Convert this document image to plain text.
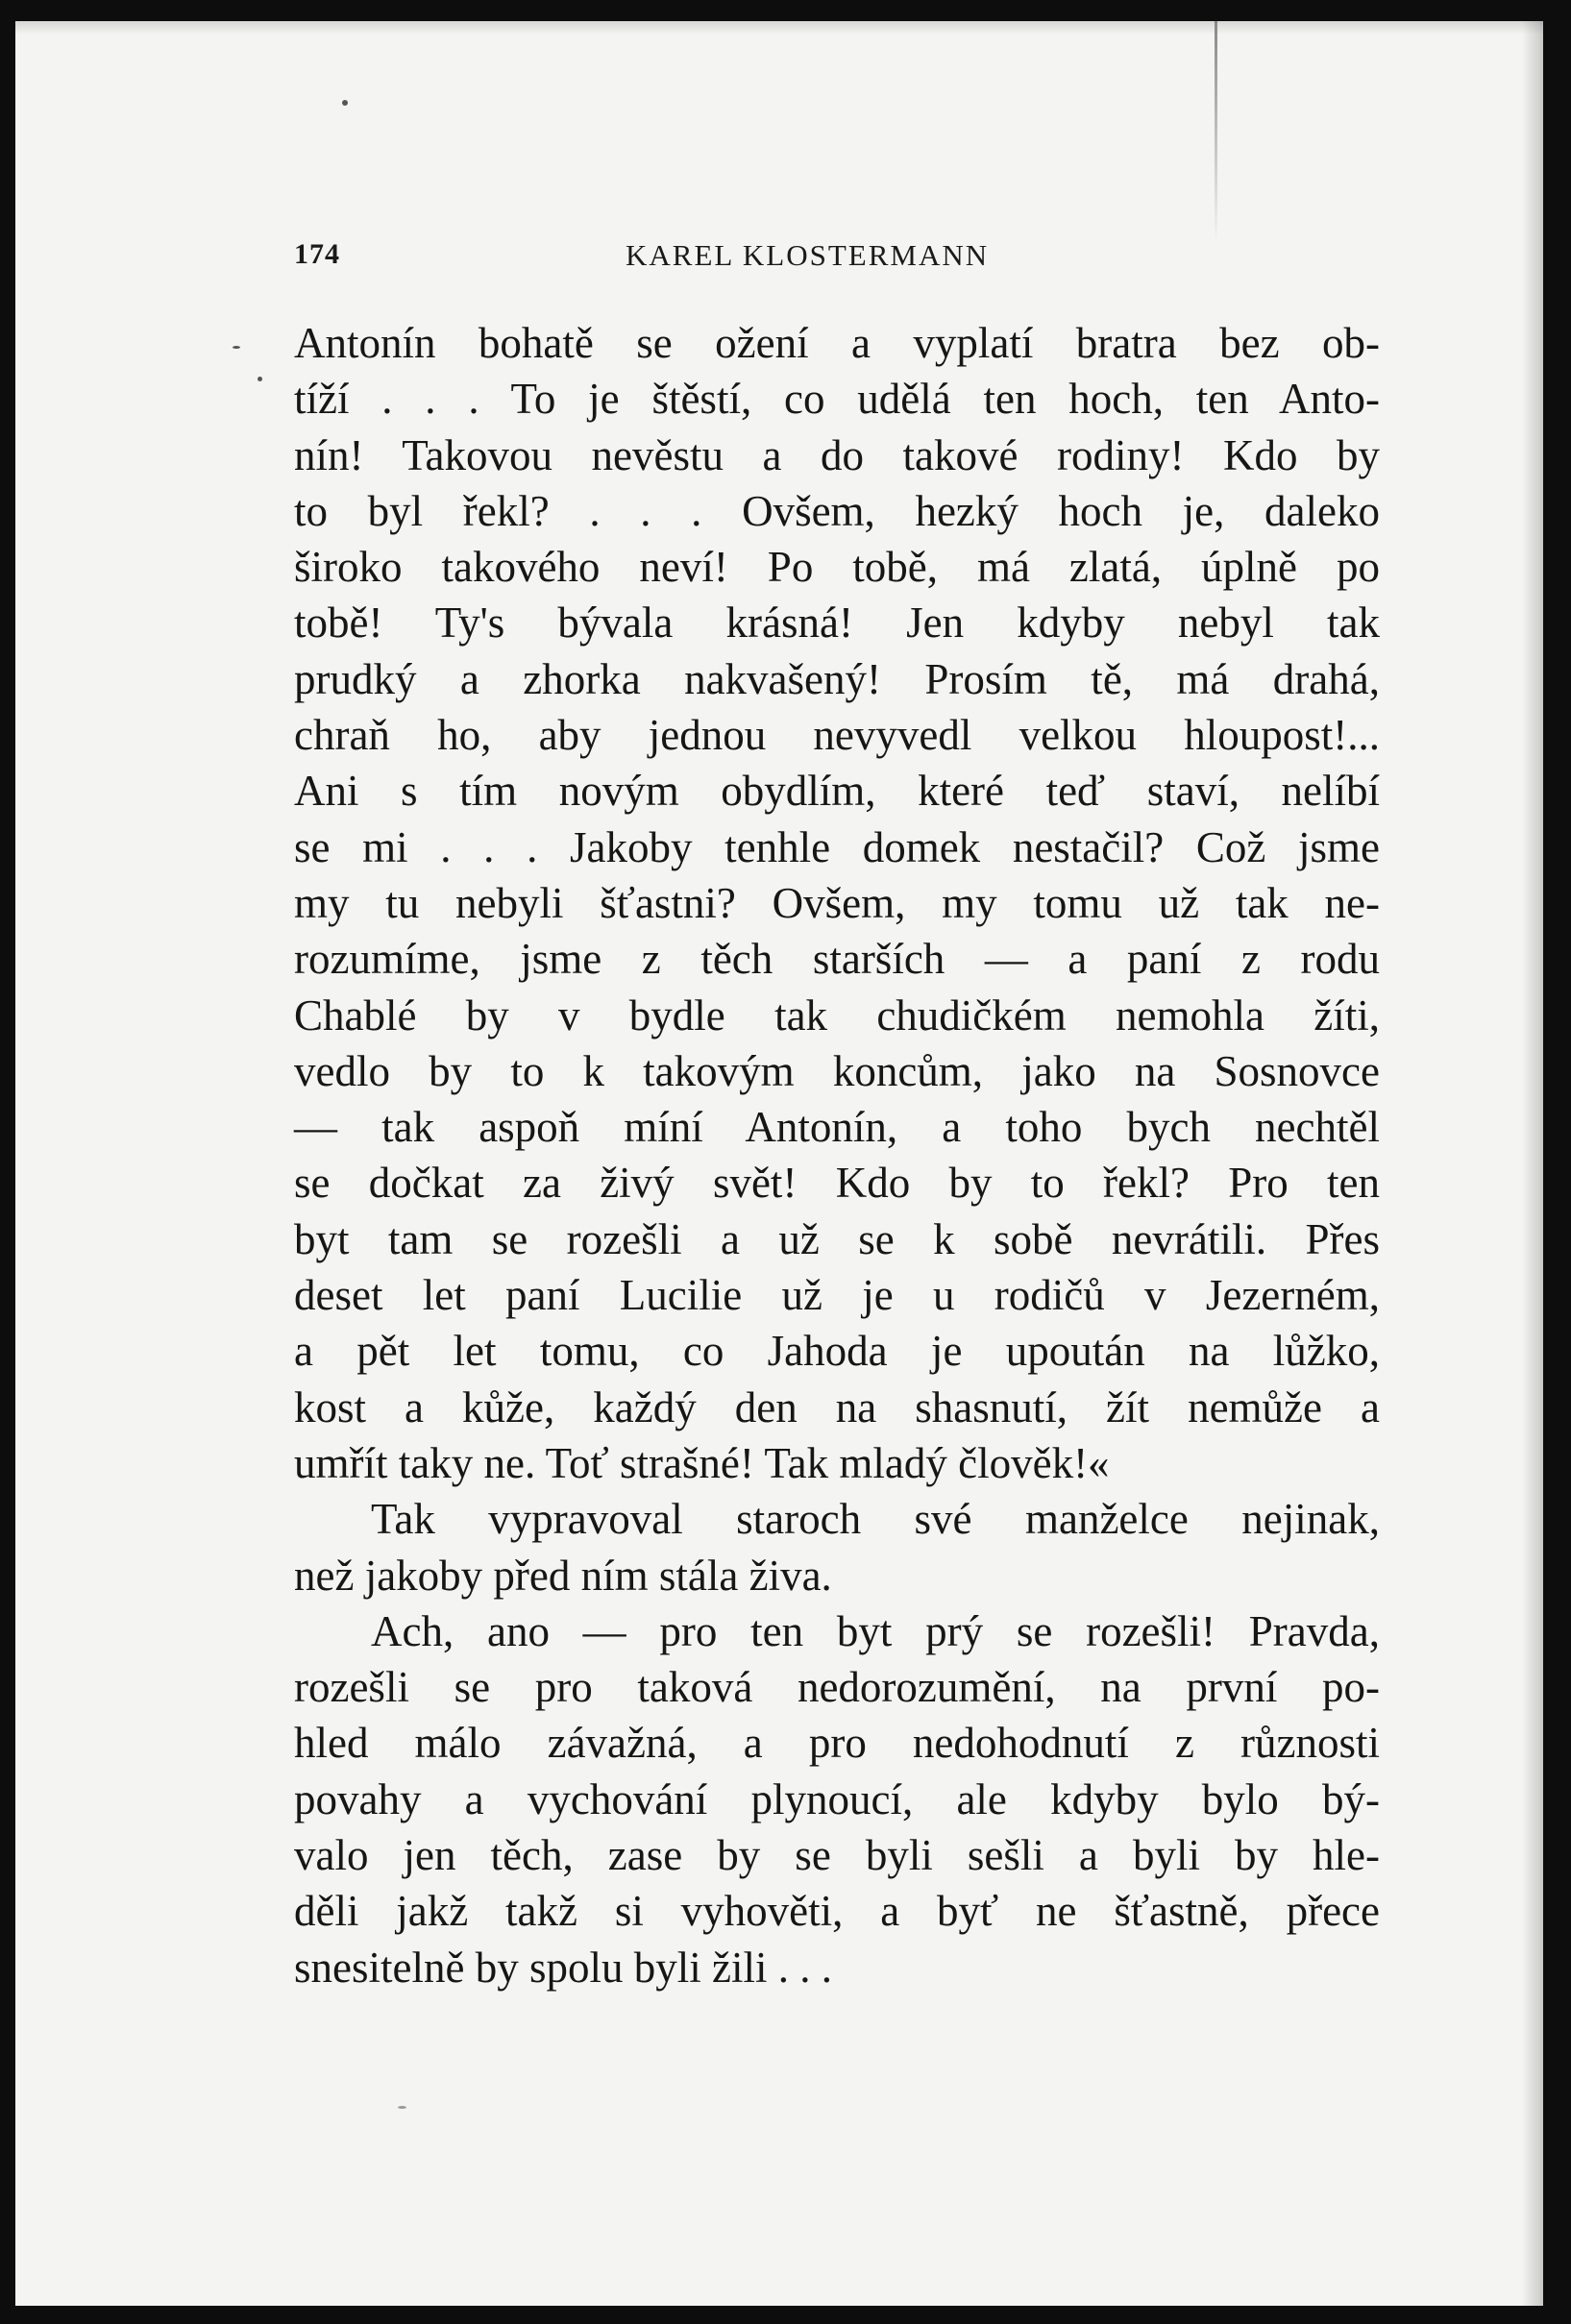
174	KAREL KLOSTERMANN
Antonín bohatě se ožení a vyplatí bratra bez ob-
tíží . . . To je štěstí, co udělá ten hoch, ten Anto-
nín! Takovou nevěstu a do takové rodiny! Kdo by
to byl řekl? . . . Ovšem, hezký hoch je, daleko
široko takového neví! Po tobě, má zlatá, úplně po
tobě! Ty's bývala krásná! Jen kdyby nebyl tak
prudký a zhorka nakvašený! Prosím tě, má drahá,
chraň ho, aby jednou nevyvedl velkou hloupost!...
Ani s tím novým obydlím, které teď staví, nelíbí
se mi . . . Jakoby tenhle domek nestačil? Což jsme
my tu nebyli šťastni? Ovšem, my tomu už tak ne-
rozumíme, jsme z těch starších — a paní z rodu
Chablé by v bydle tak chudičkém nemohla žíti,
vedlo by to k takovým koncům, jako na Sosnovce
— tak aspoň míní Antonín, a toho bych nechtěl
se dočkat za živý svět! Kdo by to řekl? Pro ten
byt tam se rozešli a už se k sobě nevrátili. Přes
deset let paní Lucilie už je u rodičů v Jezerném,
a pět let tomu, co Jahoda je upoután na lůžko,
kost a kůže, každý den na shasnutí, žít nemůže a
umřít taky ne. Toť strašné! Tak mladý člověk!«
Tak vypravoval staroch své manželce nejinak,
než jakoby před ním stála živa.
Ach, ano — pro ten byt prý se rozešli! Pravda,
rozešli se pro taková nedorozumění, na první po-
hled málo závažná, a pro nedohodnutí z různosti
povahy a vychování plynoucí, ale kdyby bylo bý-
valo jen těch, zase by se byli sešli a byli by hle-
děli jakž takž si vyhověti, a byť ne šťastně, přece
snesitelně by spolu byli žili . . .
